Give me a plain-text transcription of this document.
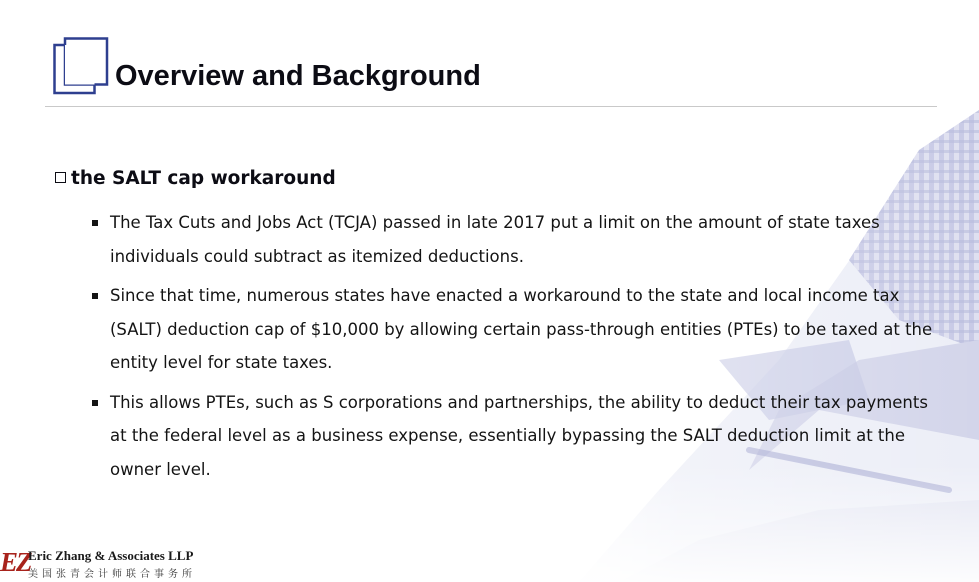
Overview and Background
the SALT cap workaround
The Tax Cuts and Jobs Act (TCJA) passed in late 2017 put a limit on the amount of state taxes individuals could subtract as itemized deductions.
Since that time, numerous states have enacted a workaround to the state and local income tax (SALT) deduction cap of $10,000 by allowing certain pass-through entities (PTEs) to be taxed at the entity level for state taxes.
This allows PTEs, such as S corporations and partnerships, the ability to deduct their tax payments at the federal level as a business expense, essentially bypassing the SALT deduction limit at the owner level.
EZ
Eric Zhang & Associates LLP
美国张青会计师联合事务所
